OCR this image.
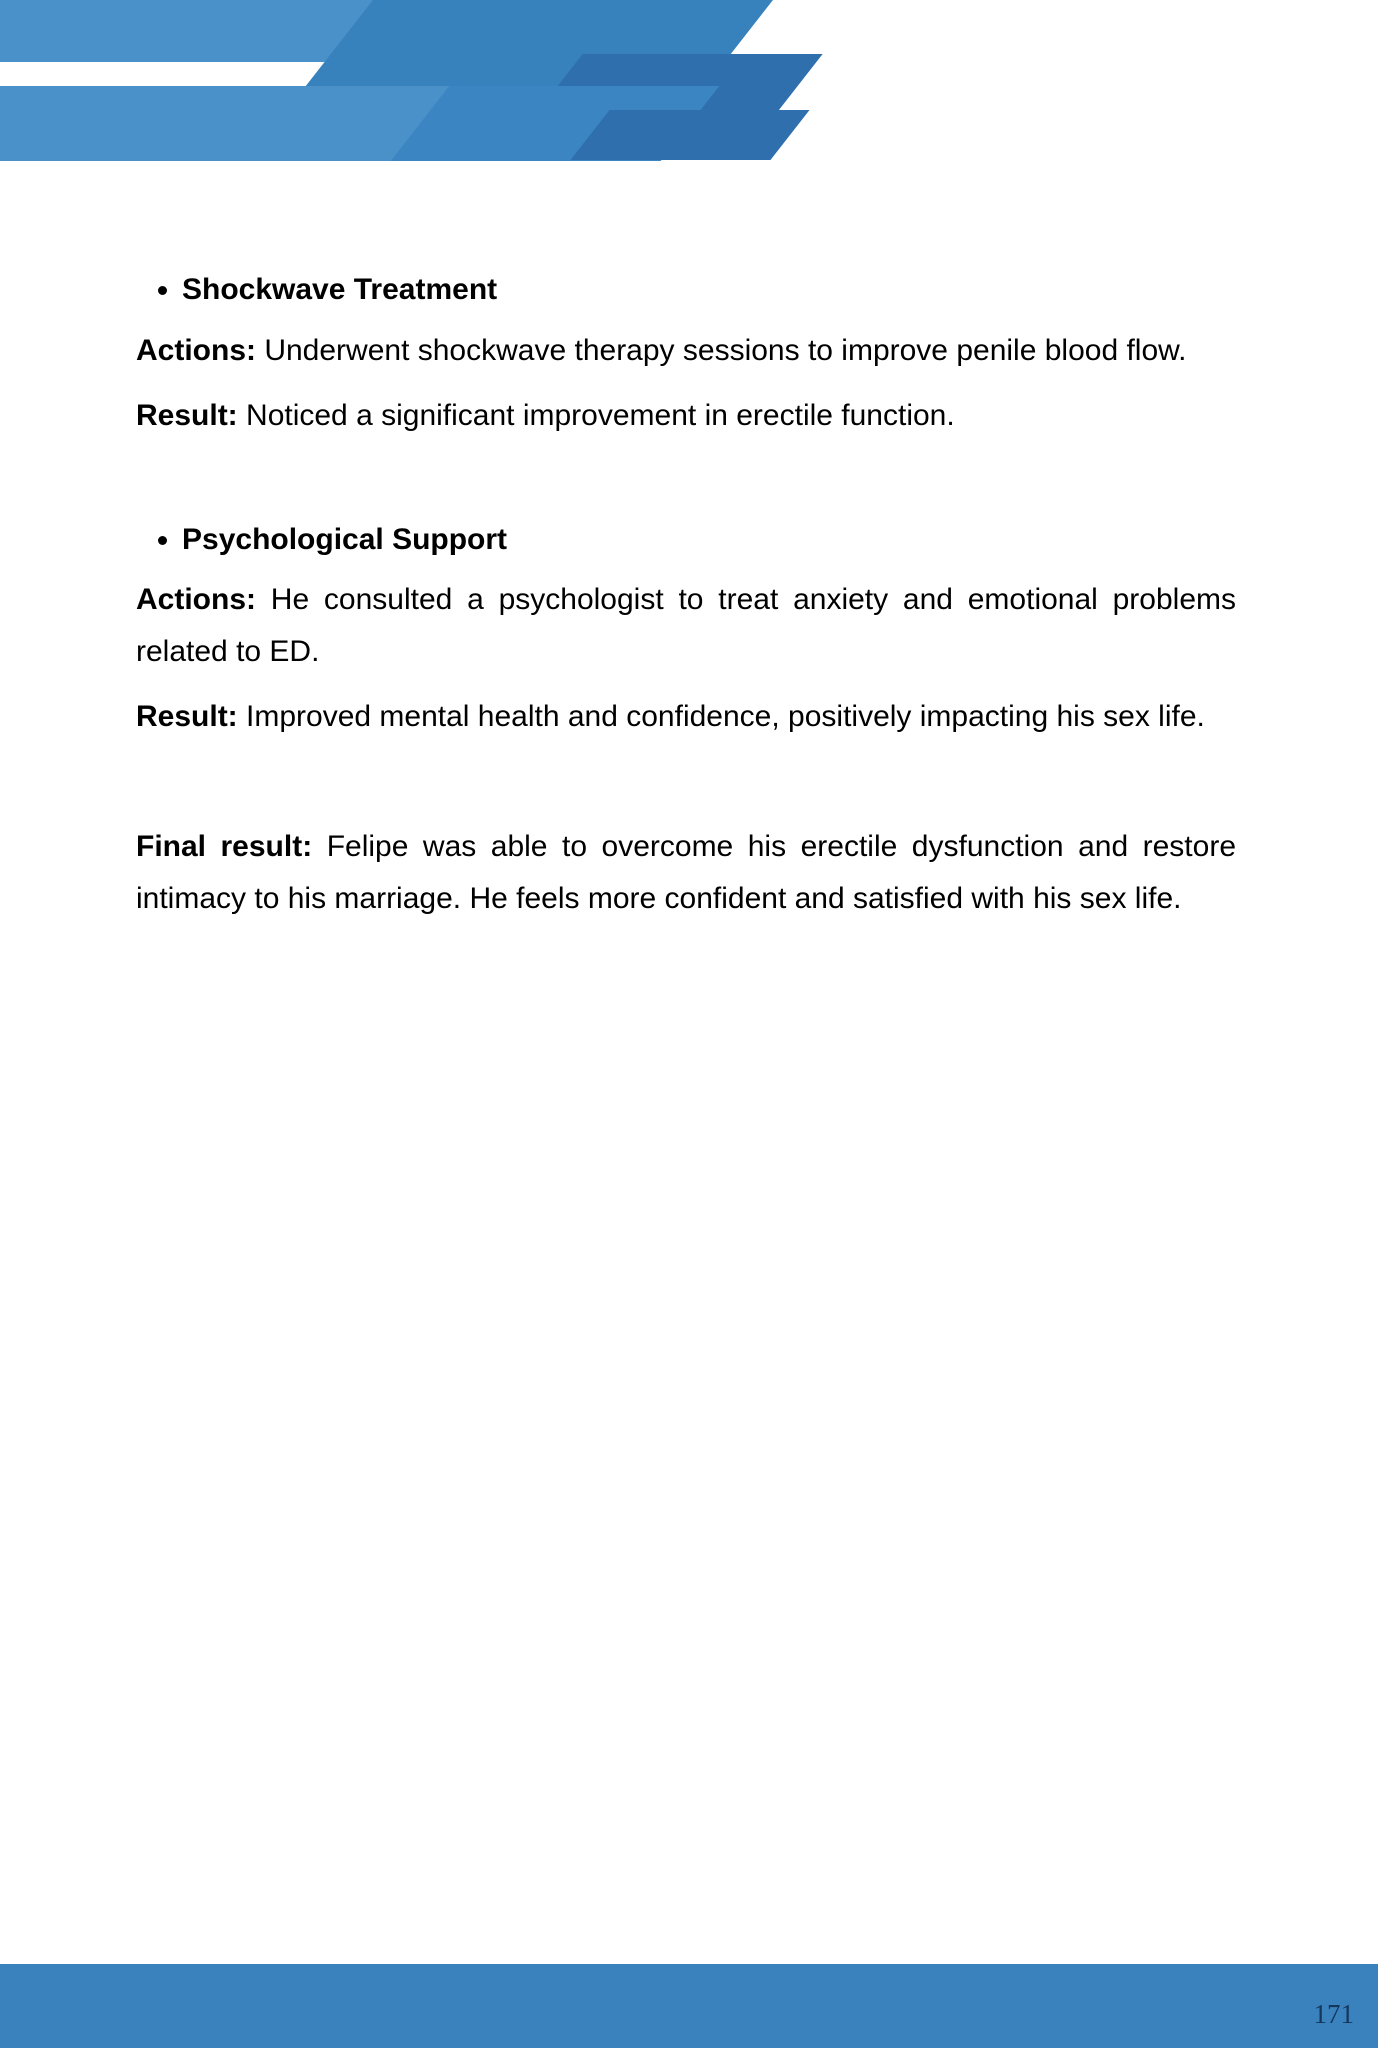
• Shockwave Treatment

Actions: Underwent shockwave therapy sessions to improve penile blood flow.

Result: Noticed a significant improvement in erectile function.

• Psychological Support

Actions: He consulted a psychologist to treat anxiety and emotional problems related to ED.

Result: Improved mental health and confidence, positively impacting his sex life.

Final result: Felipe was able to overcome his erectile dysfunction and restore intimacy to his marriage. He feels more confident and satisfied with his sex life.

171
